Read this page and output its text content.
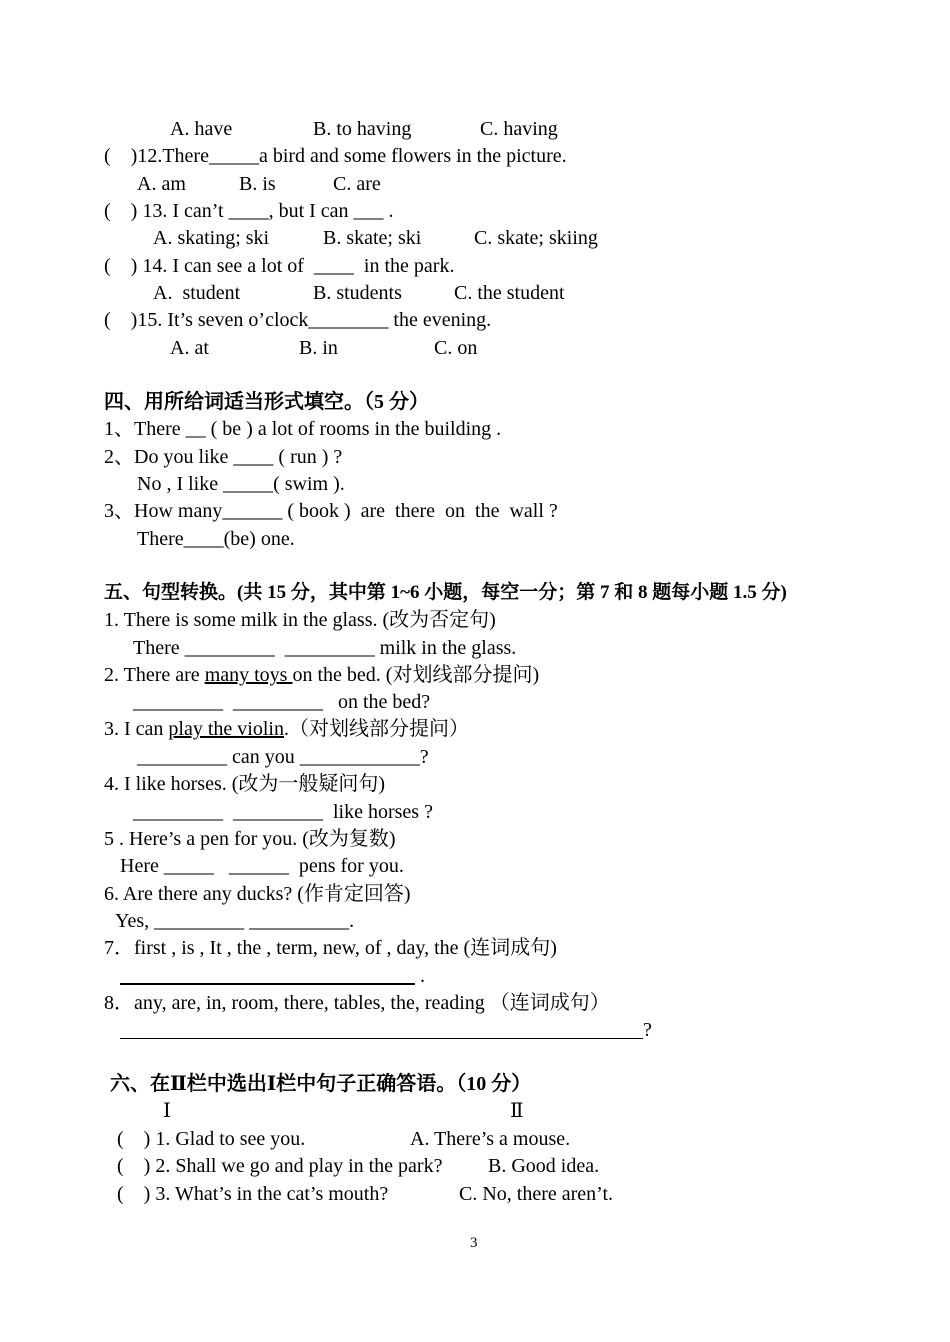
A. have	B. to having	C. having
(    )12.There_____a bird and some flowers in the picture.
A. am	B. is	C. are
(    ) 13. I can’t ____, but I can ___ .
A. skating; ski	B. skate; ski	C. skate; skiing
(    ) 14. I can see a lot of  ____  in the park.
A.  student	B. students	C. the student
(    )15. It’s seven o’clock________ the evening.
A. at	B. in	C. on
四、用所给词适当形式填空。（5 分）
1、There __ ( be ) a lot of rooms in the building .
2、Do you like ____ ( run ) ?
No , I like _____( swim ).
3、How many______ ( book )  are  there  on  the  wall ?
There____(be) one.
五、句型转换。(共 15 分，其中第 1~6 小题，每空一分；第 7 和 8 题每小题 1.5 分)
1. There is some milk in the glass. (改为否定句)
There _________  _________ milk in the glass.
2. There are many toys on the bed. (对划线部分提问)
_________  _________   on the bed?
3. I can play the violin.（对划线部分提问）
_________ can you ____________?
4. I like horses. (改为一般疑问句)
_________  _________  like horses ?
5 . Here’s a pen for you. (改为复数)
Here _____   ______  pens for you.
6. Are there any ducks? (作肯定回答)
Yes, _________ __________.
7．first , is , It , the , term, new, of , day, the (连词成句)
.
8．any, are, in, room, there, tables, the, reading （连词成句）
?
六、在Ⅱ栏中选出Ⅰ栏中句子正确答语。（10 分）
Ⅰ	Ⅱ
(    ) 1. Glad to see you.	A. There’s a mouse.
(    ) 2. Shall we go and play in the park? B. Good idea.
(    ) 3. What’s in the cat’s mouth?	C. No, there aren’t.
3
